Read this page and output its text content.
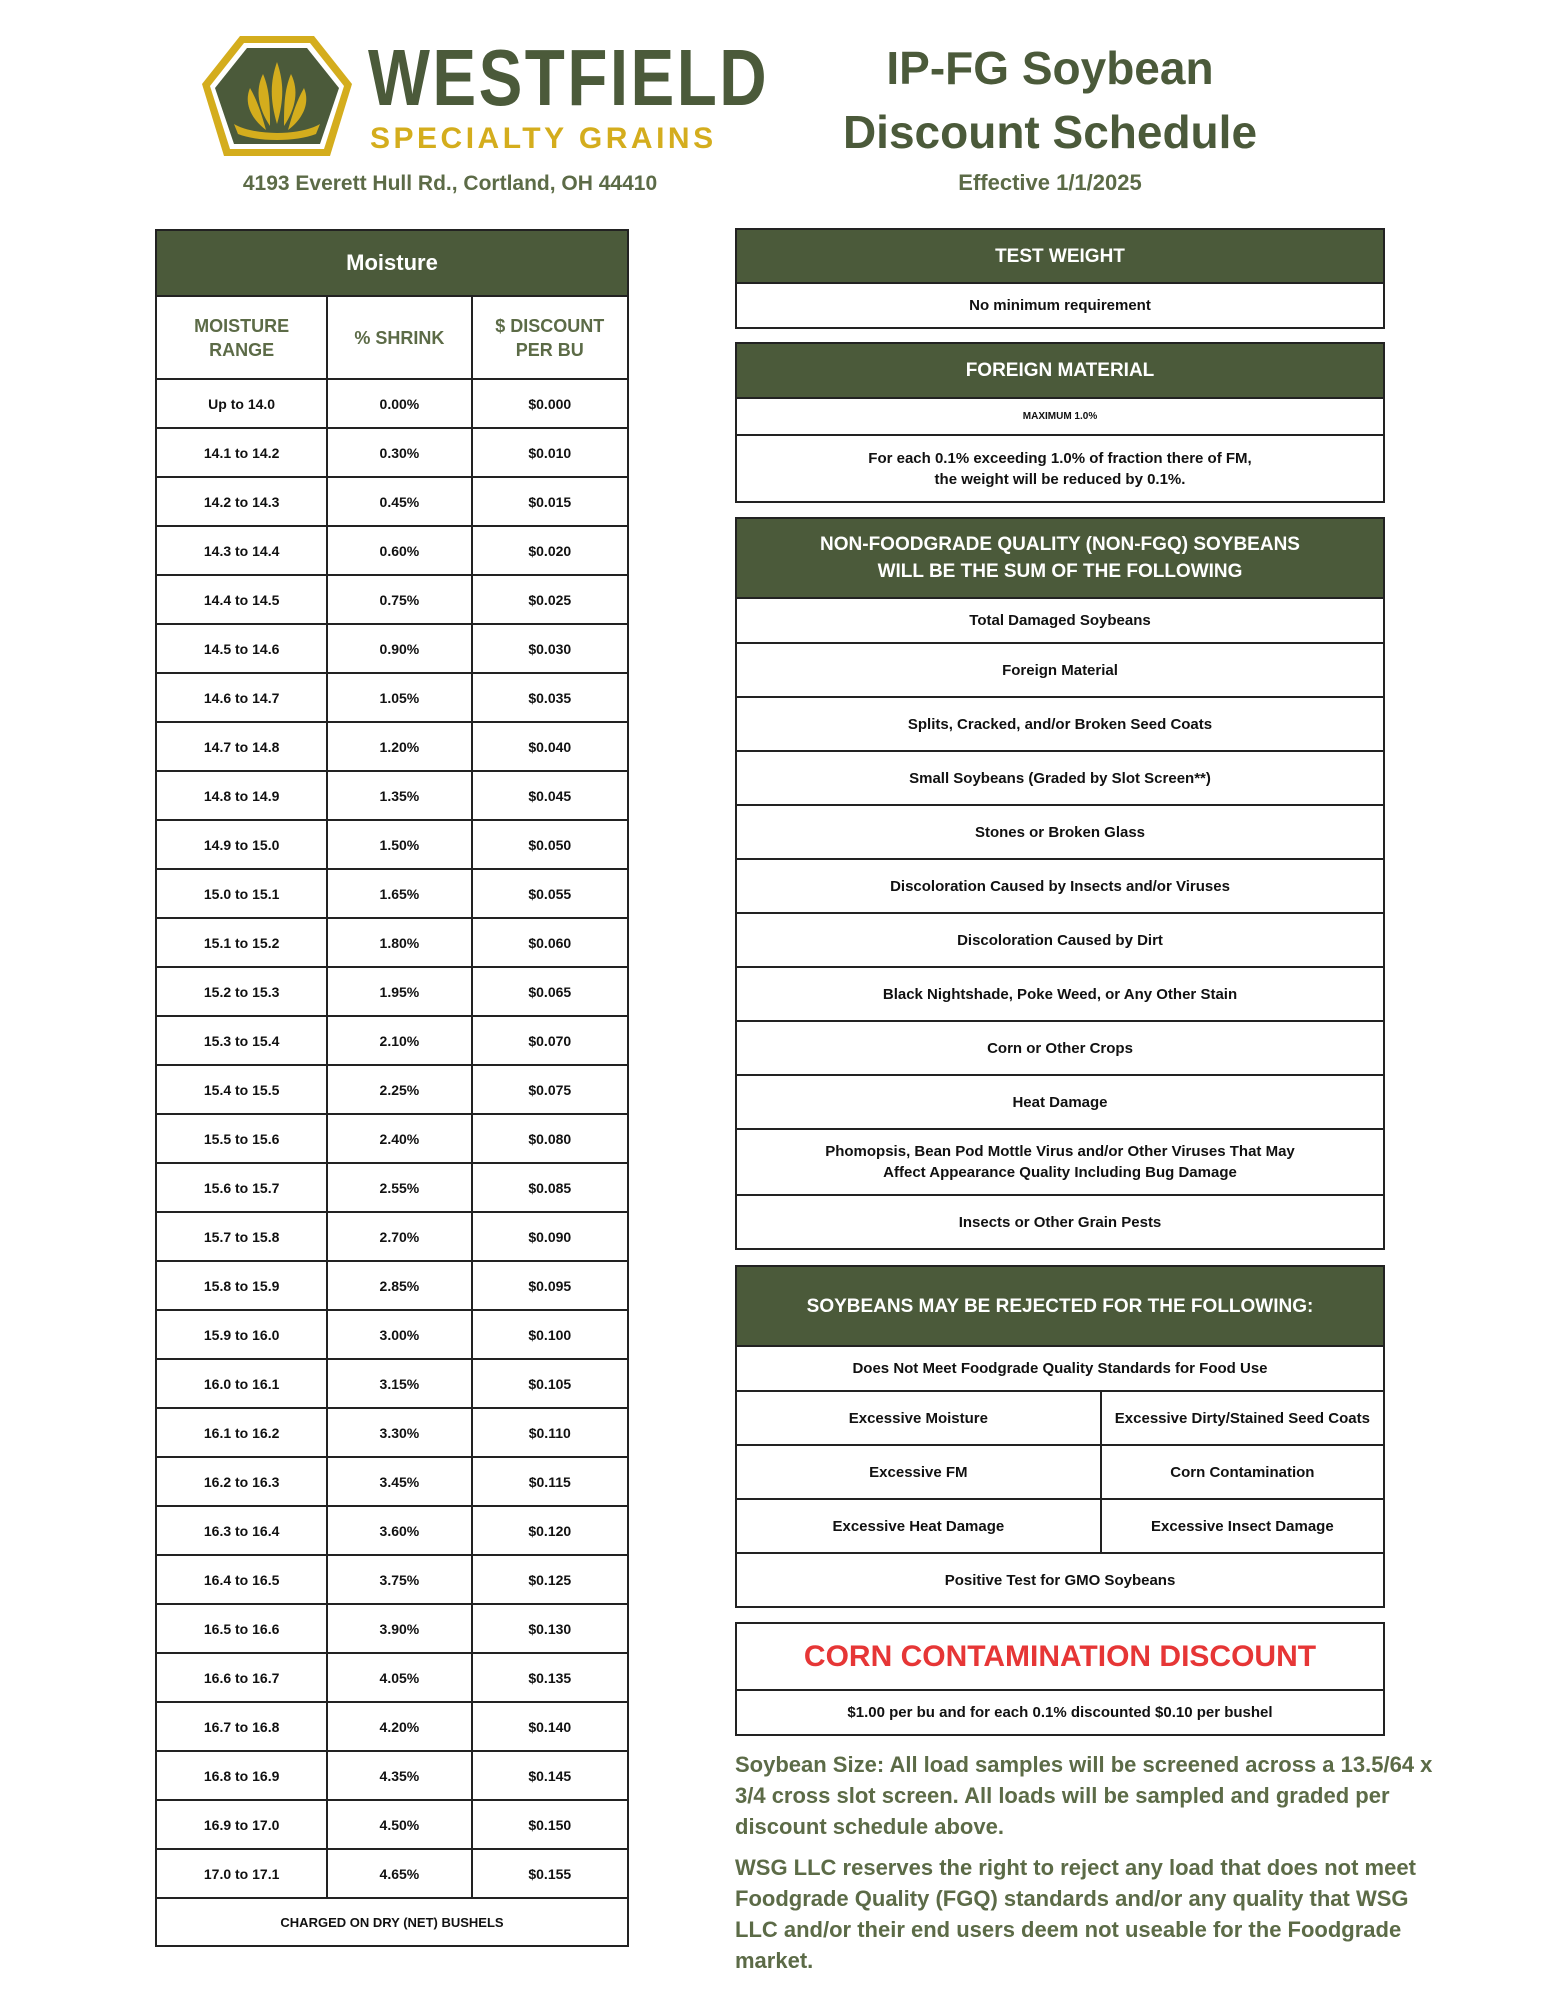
WESTFIELD
SPECIALTY GRAINS
4193 Everett Hull Rd., Cortland, OH 44410
IP-FG Soybean
Discount Schedule
Effective 1/1/2025
Moisture		
MOISTURE RANGE	% SHRINK	$ DISCOUNT PER BU
Up to 14.0	0.00%	$0.000
14.1 to 14.2	0.30%	$0.010
14.2 to 14.3	0.45%	$0.015
14.3 to 14.4	0.60%	$0.020
14.4 to 14.5	0.75%	$0.025
14.5 to 14.6	0.90%	$0.030
14.6 to 14.7	1.05%	$0.035
14.7 to 14.8	1.20%	$0.040
14.8 to 14.9	1.35%	$0.045
14.9 to 15.0	1.50%	$0.050
15.0 to 15.1	1.65%	$0.055
15.1 to 15.2	1.80%	$0.060
15.2 to 15.3	1.95%	$0.065
15.3 to 15.4	2.10%	$0.070
15.4 to 15.5	2.25%	$0.075
15.5 to 15.6	2.40%	$0.080
15.6 to 15.7	2.55%	$0.085
15.7 to 15.8	2.70%	$0.090
15.8 to 15.9	2.85%	$0.095
15.9 to 16.0	3.00%	$0.100
16.0 to 16.1	3.15%	$0.105
16.1 to 16.2	3.30%	$0.110
16.2 to 16.3	3.45%	$0.115
16.3 to 16.4	3.60%	$0.120
16.4 to 16.5	3.75%	$0.125
16.5 to 16.6	3.90%	$0.130
16.6 to 16.7	4.05%	$0.135
16.7 to 16.8	4.20%	$0.140
16.8 to 16.9	4.35%	$0.145
16.9 to 17.0	4.50%	$0.150
17.0 to 17.1	4.65%	$0.155
CHARGED ON DRY (NET) BUSHELS		
TEST WEIGHT
No minimum requirement
FOREIGN MATERIAL
MAXIMUM 1.0%

For each 0.1% exceeding 1.0% of fraction there of FM,
the weight will be reduced by 0.1%.
NON-FOODGRADE QUALITY (NON-FGQ) SOYBEANS
WILL BE THE SUM OF THE FOLLOWING

Total Damaged Soybeans
Foreign Material
Splits, Cracked, and/or Broken Seed Coats
Small Soybeans (Graded by Slot Screen**)
Stones or Broken Glass
Discoloration Caused by Insects and/or Viruses
Discoloration Caused by Dirt
Black Nightshade, Poke Weed, or Any Other Stain
Corn or Other Crops
Heat Damage

Phomopsis, Bean Pod Mottle Virus and/or Other Viruses That May
Affect Appearance Quality Including Bug Damage

Insects or Other Grain Pests
SOYBEANS MAY BE REJECTED FOR THE FOLLOWING:	
Does Not Meet Foodgrade Quality Standards for Food Use	
Excessive Moisture	Excessive Dirty/Stained Seed Coats
Excessive FM	Corn Contamination
Excessive Heat Damage	Excessive Insect Damage
Positive Test for GMO Soybeans	
CORN CONTAMINATION DISCOUNT
$1.00 per bu and for each 0.1% discounted $0.10 per bushel
Soybean Size: All load samples will be screened across a 13.5/64 x 3/4 cross slot screen. All loads will be sampled and graded per discount schedule above.
WSG LLC reserves the right to reject any load that does not meet Foodgrade Quality (FGQ) standards and/or any quality that WSG LLC and/or their end users deem not useable for the Foodgrade market.
